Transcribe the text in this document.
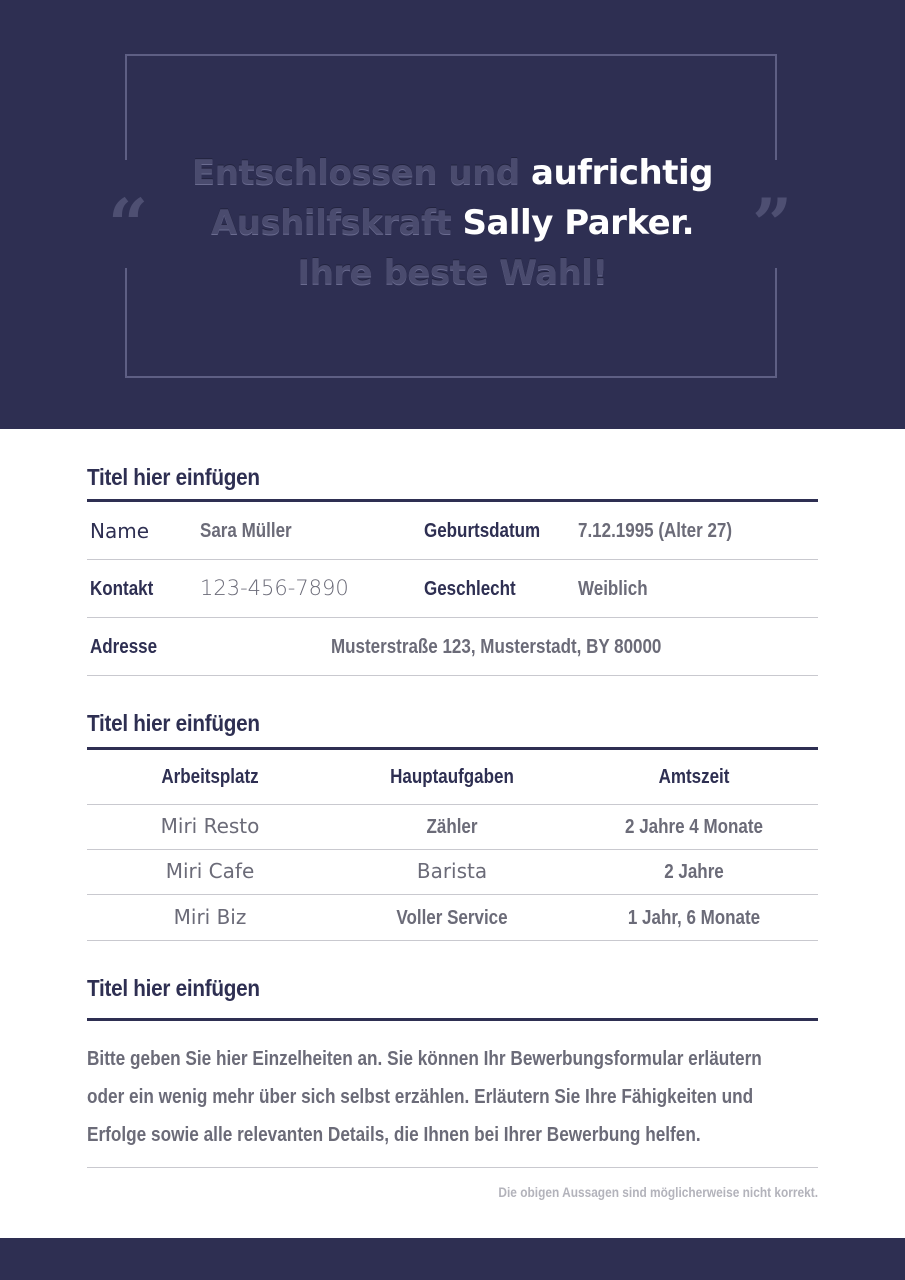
“	”
Entschlossen und aufrichtig
Aushilfskraft Sally Parker.
Ihre beste Wahl!
Titel hier einfügen
Name	Sara Müller	Geburtsdatum 7.12.1995 (Alter 27)
Kontakt 123-456-7890	Geschlecht	Weiblich
Adresse	Musterstraße 123, Musterstadt, BY 80000
Titel hier einfügen
Arbeitsplatz	Hauptaufgaben	Amtszeit
Miri Resto	Zähler	2 Jahre 4 Monate
Miri Cafe	Barista	2 Jahre
Miri Biz	Voller Service	1 Jahr, 6 Monate
Titel hier einfügen
Bitte geben Sie hier Einzelheiten an. Sie können Ihr Bewerbungsformular erläutern
oder ein wenig mehr über sich selbst erzählen. Erläutern Sie Ihre Fähigkeiten und
Erfolge sowie alle relevanten Details, die Ihnen bei Ihrer Bewerbung helfen.
Die obigen Aussagen sind möglicherweise nicht korrekt.
